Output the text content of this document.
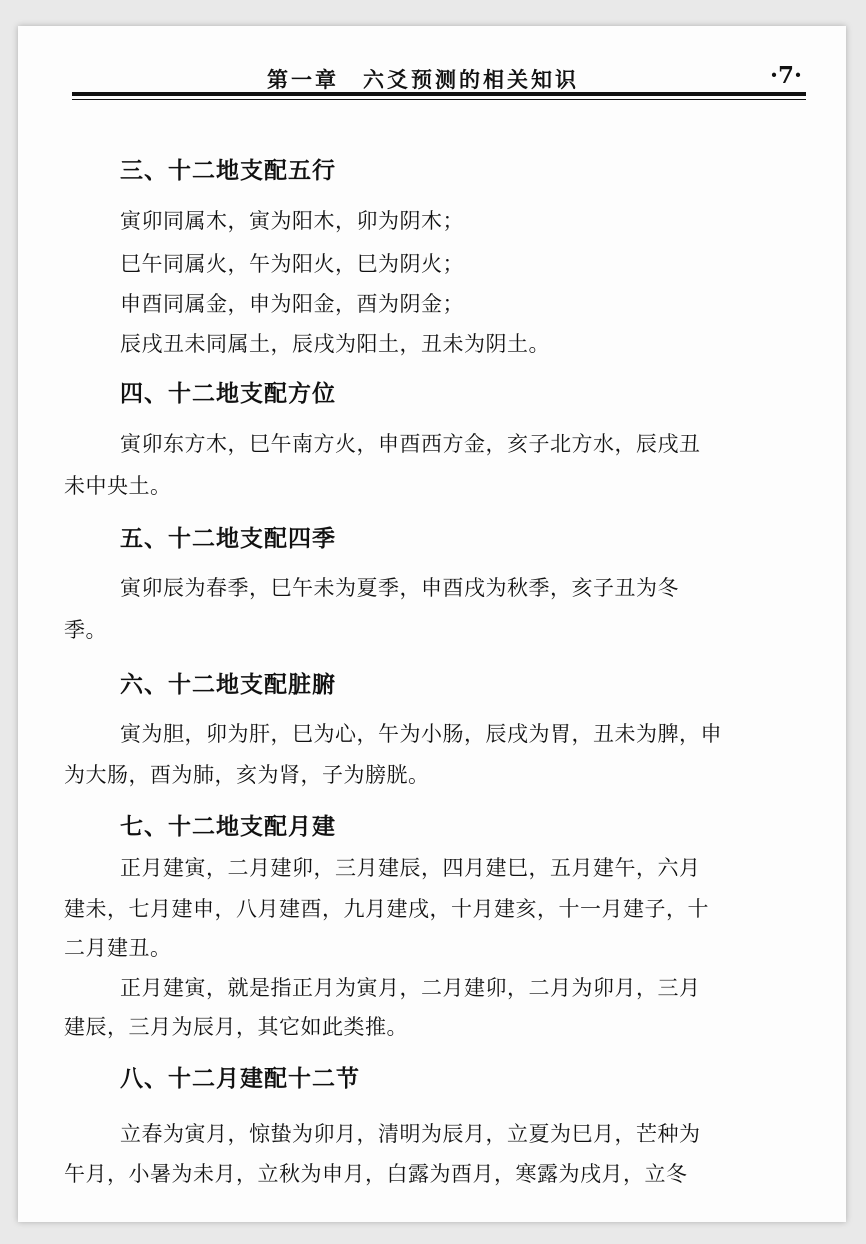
第一章　六爻预测的相关知识	·7·
三、十二地支配五行
寅卯同属木，寅为阳木，卯为阴木；
巳午同属火，午为阳火，巳为阴火；
申酉同属金，申为阳金，酉为阴金；
辰戌丑未同属土，辰戌为阳土，丑未为阴土。
四、十二地支配方位
寅卯东方木，巳午南方火，申酉西方金，亥子北方水，辰戌丑
未中央土。
五、十二地支配四季
寅卯辰为春季，巳午未为夏季，申酉戌为秋季，亥子丑为冬
季。
六、十二地支配脏腑
寅为胆，卯为肝，巳为心，午为小肠，辰戌为胃，丑未为脾，申
为大肠，酉为肺，亥为肾，子为膀胱。
七、十二地支配月建
正月建寅，二月建卯，三月建辰，四月建巳，五月建午，六月
建未，七月建申，八月建酉，九月建戌，十月建亥，十一月建子，十
二月建丑。
正月建寅，就是指正月为寅月，二月建卯，二月为卯月，三月
建辰，三月为辰月，其它如此类推。
八、十二月建配十二节
立春为寅月，惊蛰为卯月，清明为辰月，立夏为巳月，芒种为
午月，小暑为未月，立秋为申月，白露为酉月，寒露为戌月，立冬
